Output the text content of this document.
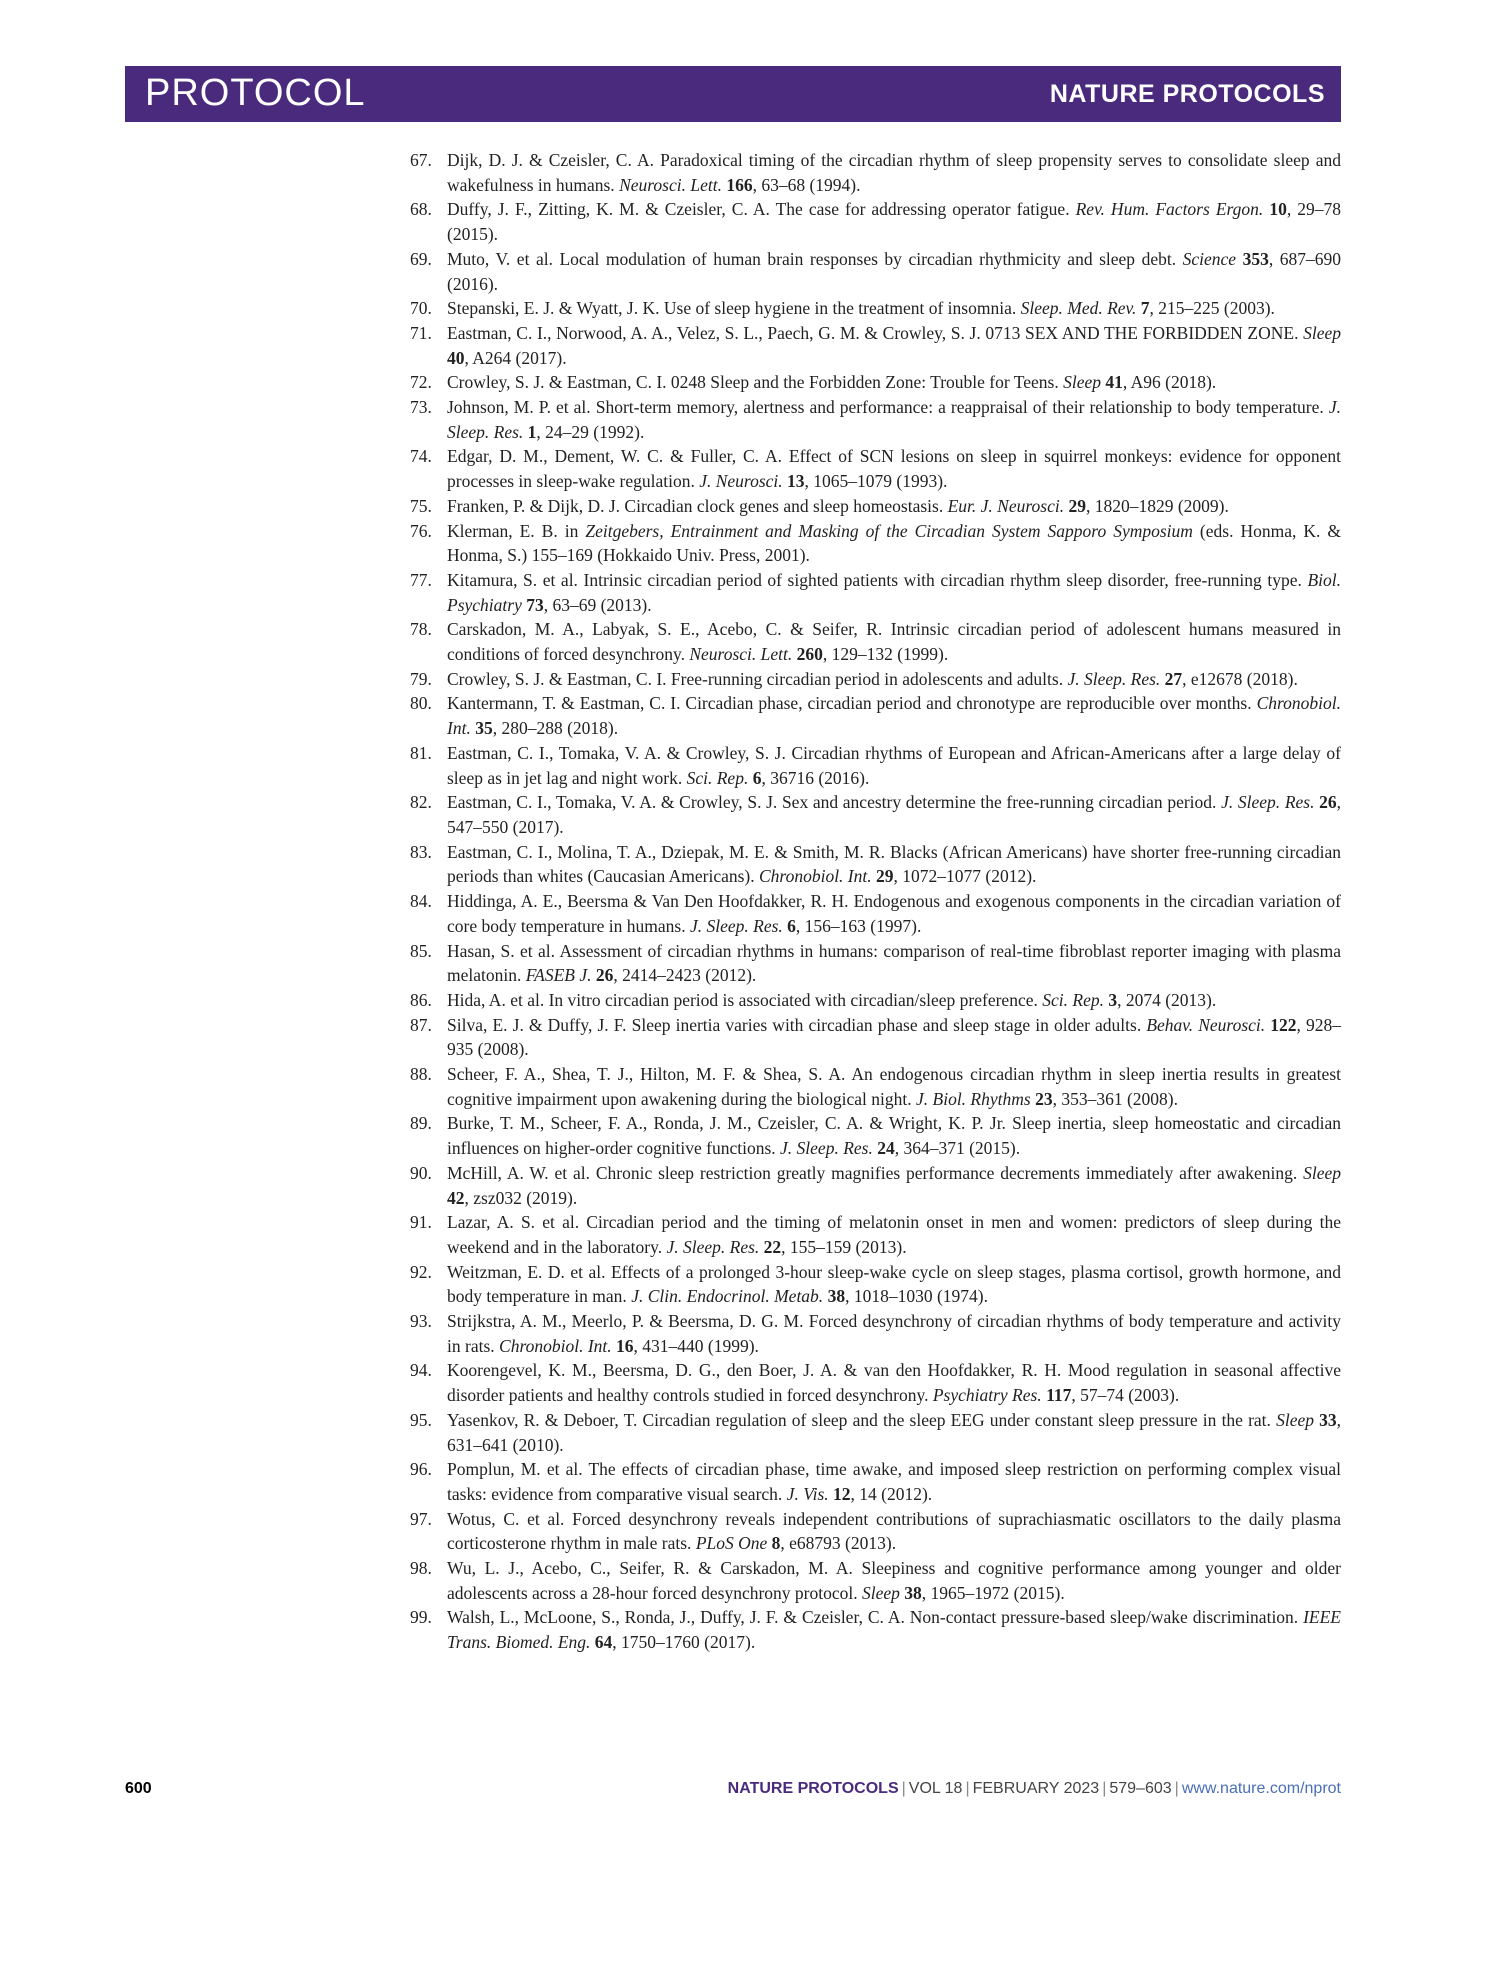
PROTOCOL	NATURE PROTOCOLS
67. Dijk, D. J. & Czeisler, C. A. Paradoxical timing of the circadian rhythm of sleep propensity serves to consolidate sleep and wakefulness in humans. Neurosci. Lett. 166, 63–68 (1994).
68. Duffy, J. F., Zitting, K. M. & Czeisler, C. A. The case for addressing operator fatigue. Rev. Hum. Factors Ergon. 10, 29–78 (2015).
69. Muto, V. et al. Local modulation of human brain responses by circadian rhythmicity and sleep debt. Science 353, 687–690 (2016).
70. Stepanski, E. J. & Wyatt, J. K. Use of sleep hygiene in the treatment of insomnia. Sleep. Med. Rev. 7, 215–225 (2003).
71. Eastman, C. I., Norwood, A. A., Velez, S. L., Paech, G. M. & Crowley, S. J. 0713 SEX AND THE FORBIDDEN ZONE. Sleep 40, A264 (2017).
72. Crowley, S. J. & Eastman, C. I. 0248 Sleep and the Forbidden Zone: Trouble for Teens. Sleep 41, A96 (2018).
73. Johnson, M. P. et al. Short-term memory, alertness and performance: a reappraisal of their relationship to body temperature. J. Sleep. Res. 1, 24–29 (1992).
74. Edgar, D. M., Dement, W. C. & Fuller, C. A. Effect of SCN lesions on sleep in squirrel monkeys: evidence for opponent processes in sleep-wake regulation. J. Neurosci. 13, 1065–1079 (1993).
75. Franken, P. & Dijk, D. J. Circadian clock genes and sleep homeostasis. Eur. J. Neurosci. 29, 1820–1829 (2009).
76. Klerman, E. B. in Zeitgebers, Entrainment and Masking of the Circadian System Sapporo Symposium (eds. Honma, K. & Honma, S.) 155–169 (Hokkaido Univ. Press, 2001).
77. Kitamura, S. et al. Intrinsic circadian period of sighted patients with circadian rhythm sleep disorder, free-running type. Biol. Psychiatry 73, 63–69 (2013).
78. Carskadon, M. A., Labyak, S. E., Acebo, C. & Seifer, R. Intrinsic circadian period of adolescent humans measured in conditions of forced desynchrony. Neurosci. Lett. 260, 129–132 (1999).
79. Crowley, S. J. & Eastman, C. I. Free-running circadian period in adolescents and adults. J. Sleep. Res. 27, e12678 (2018).
80. Kantermann, T. & Eastman, C. I. Circadian phase, circadian period and chronotype are reproducible over months. Chronobiol. Int. 35, 280–288 (2018).
81. Eastman, C. I., Tomaka, V. A. & Crowley, S. J. Circadian rhythms of European and African-Americans after a large delay of sleep as in jet lag and night work. Sci. Rep. 6, 36716 (2016).
82. Eastman, C. I., Tomaka, V. A. & Crowley, S. J. Sex and ancestry determine the free-running circadian period. J. Sleep. Res. 26, 547–550 (2017).
83. Eastman, C. I., Molina, T. A., Dziepak, M. E. & Smith, M. R. Blacks (African Americans) have shorter free-running circadian periods than whites (Caucasian Americans). Chronobiol. Int. 29, 1072–1077 (2012).
84. Hiddinga, A. E., Beersma & Van Den Hoofdakker, R. H. Endogenous and exogenous components in the circadian variation of core body temperature in humans. J. Sleep. Res. 6, 156–163 (1997).
85. Hasan, S. et al. Assessment of circadian rhythms in humans: comparison of real-time fibroblast reporter imaging with plasma melatonin. FASEB J. 26, 2414–2423 (2012).
86. Hida, A. et al. In vitro circadian period is associated with circadian/sleep preference. Sci. Rep. 3, 2074 (2013).
87. Silva, E. J. & Duffy, J. F. Sleep inertia varies with circadian phase and sleep stage in older adults. Behav. Neurosci. 122, 928–935 (2008).
88. Scheer, F. A., Shea, T. J., Hilton, M. F. & Shea, S. A. An endogenous circadian rhythm in sleep inertia results in greatest cognitive impairment upon awakening during the biological night. J. Biol. Rhythms 23, 353–361 (2008).
89. Burke, T. M., Scheer, F. A., Ronda, J. M., Czeisler, C. A. & Wright, K. P. Jr. Sleep inertia, sleep homeostatic and circadian influences on higher-order cognitive functions. J. Sleep. Res. 24, 364–371 (2015).
90. McHill, A. W. et al. Chronic sleep restriction greatly magnifies performance decrements immediately after awakening. Sleep 42, zsz032 (2019).
91. Lazar, A. S. et al. Circadian period and the timing of melatonin onset in men and women: predictors of sleep during the weekend and in the laboratory. J. Sleep. Res. 22, 155–159 (2013).
92. Weitzman, E. D. et al. Effects of a prolonged 3-hour sleep-wake cycle on sleep stages, plasma cortisol, growth hormone, and body temperature in man. J. Clin. Endocrinol. Metab. 38, 1018–1030 (1974).
93. Strijkstra, A. M., Meerlo, P. & Beersma, D. G. M. Forced desynchrony of circadian rhythms of body temperature and activity in rats. Chronobiol. Int. 16, 431–440 (1999).
94. Koorengevel, K. M., Beersma, D. G., den Boer, J. A. & van den Hoofdakker, R. H. Mood regulation in seasonal affective disorder patients and healthy controls studied in forced desynchrony. Psychiatry Res. 117, 57–74 (2003).
95. Yasenkov, R. & Deboer, T. Circadian regulation of sleep and the sleep EEG under constant sleep pressure in the rat. Sleep 33, 631–641 (2010).
96. Pomplun, M. et al. The effects of circadian phase, time awake, and imposed sleep restriction on performing complex visual tasks: evidence from comparative visual search. J. Vis. 12, 14 (2012).
97. Wotus, C. et al. Forced desynchrony reveals independent contributions of suprachiasmatic oscillators to the daily plasma corticosterone rhythm in male rats. PLoS One 8, e68793 (2013).
98. Wu, L. J., Acebo, C., Seifer, R. & Carskadon, M. A. Sleepiness and cognitive performance among younger and older adolescents across a 28-hour forced desynchrony protocol. Sleep 38, 1965–1972 (2015).
99. Walsh, L., McLoone, S., Ronda, J., Duffy, J. F. & Czeisler, C. A. Non-contact pressure-based sleep/wake discrimination. IEEE Trans. Biomed. Eng. 64, 1750–1760 (2017).
600	NATURE PROTOCOLS | VOL 18 | FEBRUARY 2023 | 579–603 | www.nature.com/nprot
